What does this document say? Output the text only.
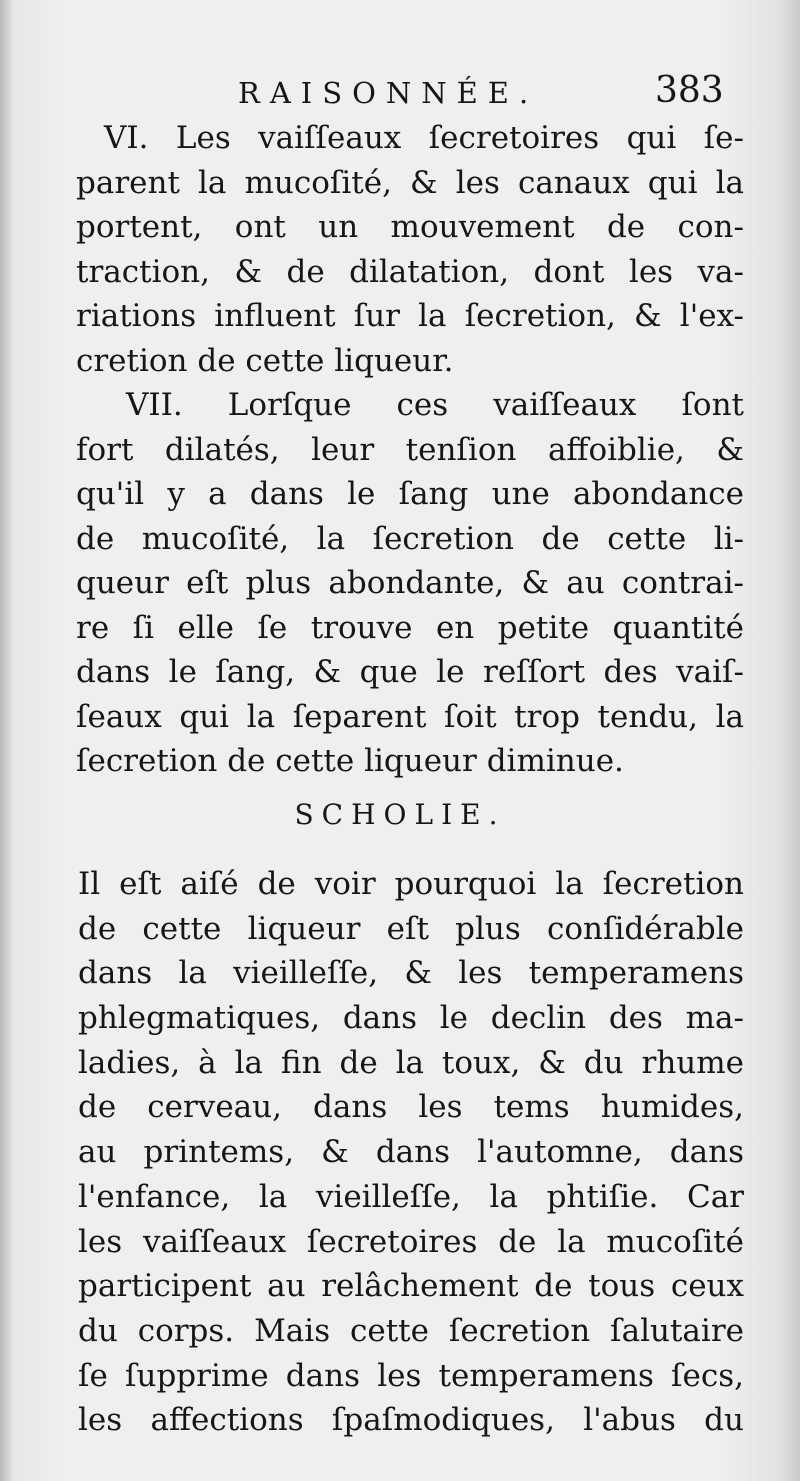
RAISONNÉE.	383
VI. Les vaiſſeaux ſecretoires qui ſe-
parent la mucoſité, & les canaux qui la
portent, ont un mouvement de con-
traction, & de dilatation, dont les va-
riations influent ſur la ſecretion, & l'ex-
cretion de cette liqueur.
VII. Lorſque ces vaiſſeaux ſont
fort dilatés, leur tenſion affoiblie, &
qu'il y a dans le ſang une abondance
de mucoſité, la ſecretion de cette li-
queur eſt plus abondante, & au contrai-
re ſi elle ſe trouve en petite quantité
dans le ſang, & que le reſſort des vaiſ-
ſeaux qui la ſeparent ſoit trop tendu, la
ſecretion de cette liqueur diminue.
SCHOLIE.
Il eſt aiſé de voir pourquoi la ſecretion
de cette liqueur eſt plus conſidérable
dans la vieilleſſe, & les temperamens
phlegmatiques, dans le declin des ma-
ladies, à la fin de la toux, & du rhume
de cerveau, dans les tems humides,
au printems, & dans l'automne, dans
l'enfance, la vieilleſſe, la phtiſie. Car
les vaiſſeaux ſecretoires de la mucoſité
participent au relâchement de tous ceux
du corps. Mais cette ſecretion ſalutaire
ſe ſupprime dans les temperamens ſecs,
les affections ſpaſmodiques, l'abus du
